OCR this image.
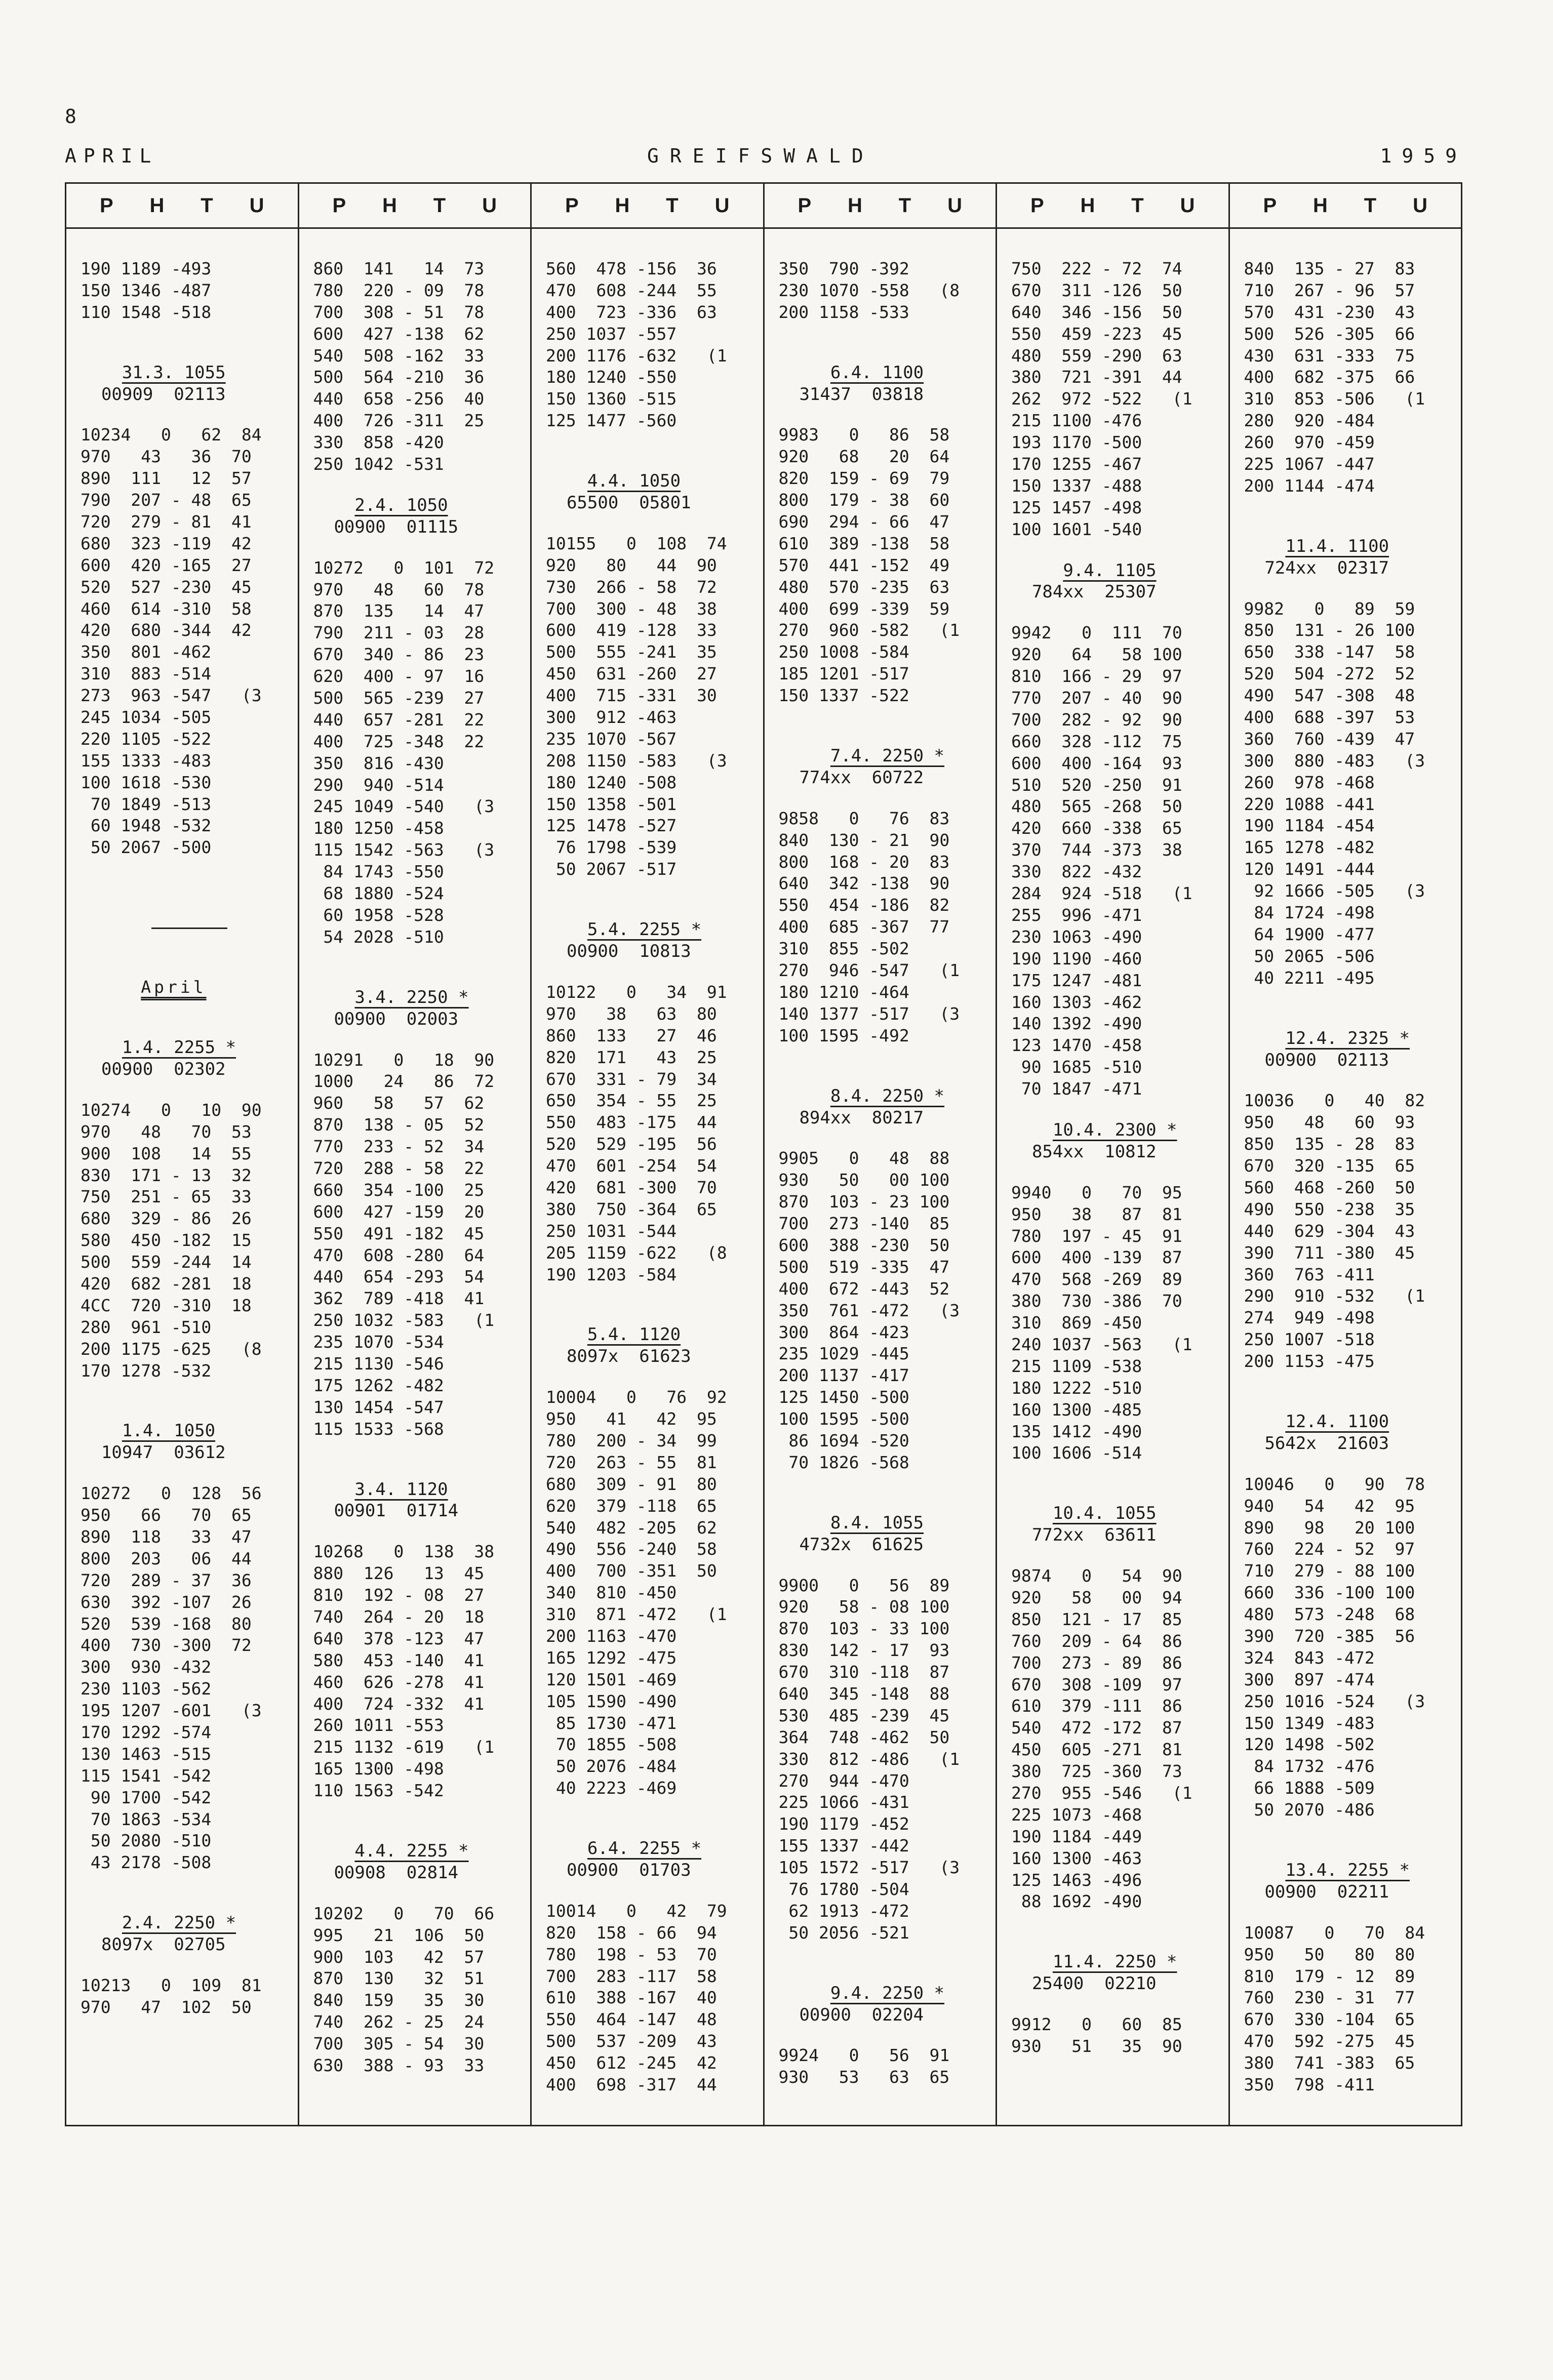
8
APRIL	GREIFSWALD	1959
P H T U
190 1189 -493
150 1346 -487
110 1548 -518
31.3. 1055
00909  02113
10234   0   62  84
970   43   36  70
890  111   12  57
790  207 - 48  65
720  279 - 81  41
680  323 -119  42
600  420 -165  27
520  527 -230  45
460  614 -310  58
420  680 -344  42
350  801 -462
310  883 -514
273  963 -547   (3
245 1034 -505
220 1105 -522
155 1333 -483
100 1618 -530
70 1849 -513
60 1948 -532
50 2067 -500
April
1.4. 2255 *
00900  02302
10274   0   10  90
970   48   70  53
900  108   14  55
830  171 - 13  32
750  251 - 65  33
680  329 - 86  26
580  450 -182  15
500  559 -244  14
420  682 -281  18
4CC  720 -310  18
280  961 -510
200 1175 -625   (8
170 1278 -532
1.4. 1050
10947  03612
10272   0  128  56
950   66   70  65
890  118   33  47
800  203   06  44
720  289 - 37  36
630  392 -107  26
520  539 -168  80
400  730 -300  72
300  930 -432
230 1103 -562
195 1207 -601   (3
170 1292 -574
130 1463 -515
115 1541 -542
90 1700 -542
70 1863 -534
50 2080 -510
43 2178 -508
2.4. 2250 *
8097x  02705
10213   0  109  81
970   47  102  50
P H T U
860  141   14  73
780  220 - 09  78
700  308 - 51  78
600  427 -138  62
540  508 -162  33
500  564 -210  36
440  658 -256  40
400  726 -311  25
330  858 -420
250 1042 -531
2.4. 1050
00900  01115
10272   0  101  72
970   48   60  78
870  135   14  47
790  211 - 03  28
670  340 - 86  23
620  400 - 97  16
500  565 -239  27
440  657 -281  22
400  725 -348  22
350  816 -430
290  940 -514
245 1049 -540   (3
180 1250 -458
115 1542 -563   (3
84 1743 -550
68 1880 -524
60 1958 -528
54 2028 -510
3.4. 2250 *
00900  02003
10291   0   18  90
1000   24   86  72
960   58   57  62
870  138 - 05  52
770  233 - 52  34
720  288 - 58  22
660  354 -100  25
600  427 -159  20
550  491 -182  45
470  608 -280  64
440  654 -293  54
362  789 -418  41
250 1032 -583   (1
235 1070 -534
215 1130 -546
175 1262 -482
130 1454 -547
115 1533 -568
3.4. 1120
00901  01714
10268   0  138  38
880  126   13  45
810  192 - 08  27
740  264 - 20  18
640  378 -123  47
580  453 -140  41
460  626 -278  41
400  724 -332  41
260 1011 -553
215 1132 -619   (1
165 1300 -498
110 1563 -542
4.4. 2255 *
00908  02814
10202   0   70  66
995   21  106  50
900  103   42  57
870  130   32  51
840  159   35  30
740  262 - 25  24
700  305 - 54  30
630  388 - 93  33
P H T U
560  478 -156  36
470  608 -244  55
400  723 -336  63
250 1037 -557
200 1176 -632   (1
180 1240 -550
150 1360 -515
125 1477 -560
4.4. 1050
65500  05801
10155   0  108  74
920   80   44  90
730  266 - 58  72
700  300 - 48  38
600  419 -128  33
500  555 -241  35
450  631 -260  27
400  715 -331  30
300  912 -463
235 1070 -567
208 1150 -583   (3
180 1240 -508
150 1358 -501
125 1478 -527
76 1798 -539
50 2067 -517
5.4. 2255 *
00900  10813
10122   0   34  91
970   38   63  80
860  133   27  46
820  171   43  25
670  331 - 79  34
650  354 - 55  25
550  483 -175  44
520  529 -195  56
470  601 -254  54
420  681 -300  70
380  750 -364  65
250 1031 -544
205 1159 -622   (8
190 1203 -584
5.4. 1120
8097x  61623
10004   0   76  92
950   41   42  95
780  200 - 34  99
720  263 - 55  81
680  309 - 91  80
620  379 -118  65
540  482 -205  62
490  556 -240  58
400  700 -351  50
340  810 -450
310  871 -472   (1
200 1163 -470
165 1292 -475
120 1501 -469
105 1590 -490
85 1730 -471
70 1855 -508
50 2076 -484
40 2223 -469
6.4. 2255 *
00900  01703
10014   0   42  79
820  158 - 66  94
780  198 - 53  70
700  283 -117  58
610  388 -167  40
550  464 -147  48
500  537 -209  43
450  612 -245  42
400  698 -317  44
P H T U
350  790 -392
230 1070 -558   (8
200 1158 -533
6.4. 1100
31437  03818
9983   0   86  58
920   68   20  64
820  159 - 69  79
800  179 - 38  60
690  294 - 66  47
610  389 -138  58
570  441 -152  49
480  570 -235  63
400  699 -339  59
270  960 -582   (1
250 1008 -584
185 1201 -517
150 1337 -522
7.4. 2250 *
774xx  60722
9858   0   76  83
840  130 - 21  90
800  168 - 20  83
640  342 -138  90
550  454 -186  82
400  685 -367  77
310  855 -502
270  946 -547   (1
180 1210 -464
140 1377 -517   (3
100 1595 -492
8.4. 2250 *
894xx  80217
9905   0   48  88
930   50   00 100
870  103 - 23 100
700  273 -140  85
600  388 -230  50
500  519 -335  47
400  672 -443  52
350  761 -472   (3
300  864 -423
235 1029 -445
200 1137 -417
125 1450 -500
100 1595 -500
86 1694 -520
70 1826 -568
8.4. 1055
4732x  61625
9900   0   56  89
920   58 - 08 100
870  103 - 33 100
830  142 - 17  93
670  310 -118  87
640  345 -148  88
530  485 -239  45
364  748 -462  50
330  812 -486   (1
270  944 -470
225 1066 -431
190 1179 -452
155 1337 -442
105 1572 -517   (3
76 1780 -504
62 1913 -472
50 2056 -521
9.4. 2250 *
00900  02204
9924   0   56  91
930   53   63  65
P H T U
750  222 - 72  74
670  311 -126  50
640  346 -156  50
550  459 -223  45
480  559 -290  63
380  721 -391  44
262  972 -522   (1
215 1100 -476
193 1170 -500
170 1255 -467
150 1337 -488
125 1457 -498
100 1601 -540
9.4. 1105
784xx  25307
9942   0  111  70
920   64   58 100
810  166 - 29  97
770  207 - 40  90
700  282 - 92  90
660  328 -112  75
600  400 -164  93
510  520 -250  91
480  565 -268  50
420  660 -338  65
370  744 -373  38
330  822 -432
284  924 -518   (1
255  996 -471
230 1063 -490
190 1190 -460
175 1247 -481
160 1303 -462
140 1392 -490
123 1470 -458
90 1685 -510
70 1847 -471
10.4. 2300 *
854xx  10812
9940   0   70  95
950   38   87  81
780  197 - 45  91
600  400 -139  87
470  568 -269  89
380  730 -386  70
310  869 -450
240 1037 -563   (1
215 1109 -538
180 1222 -510
160 1300 -485
135 1412 -490
100 1606 -514
10.4. 1055
772xx  63611
9874   0   54  90
920   58   00  94
850  121 - 17  85
760  209 - 64  86
700  273 - 89  86
670  308 -109  97
610  379 -111  86
540  472 -172  87
450  605 -271  81
380  725 -360  73
270  955 -546   (1
225 1073 -468
190 1184 -449
160 1300 -463
125 1463 -496
88 1692 -490
11.4. 2250 *
25400  02210
9912   0   60  85
930   51   35  90
P H T U
840  135 - 27  83
710  267 - 96  57
570  431 -230  43
500  526 -305  66
430  631 -333  75
400  682 -375  66
310  853 -506   (1
280  920 -484
260  970 -459
225 1067 -447
200 1144 -474
11.4. 1100
724xx  02317
9982   0   89  59
850  131 - 26 100
650  338 -147  58
520  504 -272  52
490  547 -308  48
400  688 -397  53
360  760 -439  47
300  880 -483   (3
260  978 -468
220 1088 -441
190 1184 -454
165 1278 -482
120 1491 -444
92 1666 -505   (3
84 1724 -498
64 1900 -477
50 2065 -506
40 2211 -495
12.4. 2325 *
00900  02113
10036   0   40  82
950   48   60  93
850  135 - 28  83
670  320 -135  65
560  468 -260  50
490  550 -238  35
440  629 -304  43
390  711 -380  45
360  763 -411
290  910 -532   (1
274  949 -498
250 1007 -518
200 1153 -475
12.4. 1100
5642x  21603
10046   0   90  78
940   54   42  95
890   98   20 100
760  224 - 52  97
710  279 - 88 100
660  336 -100 100
480  573 -248  68
390  720 -385  56
324  843 -472
300  897 -474
250 1016 -524   (3
150 1349 -483
120 1498 -502
84 1732 -476
66 1888 -509
50 2070 -486
13.4. 2255 *
00900  02211
10087   0   70  84
950   50   80  80
810  179 - 12  89
760  230 - 31  77
670  330 -104  65
470  592 -275  45
380  741 -383  65
350  798 -411
